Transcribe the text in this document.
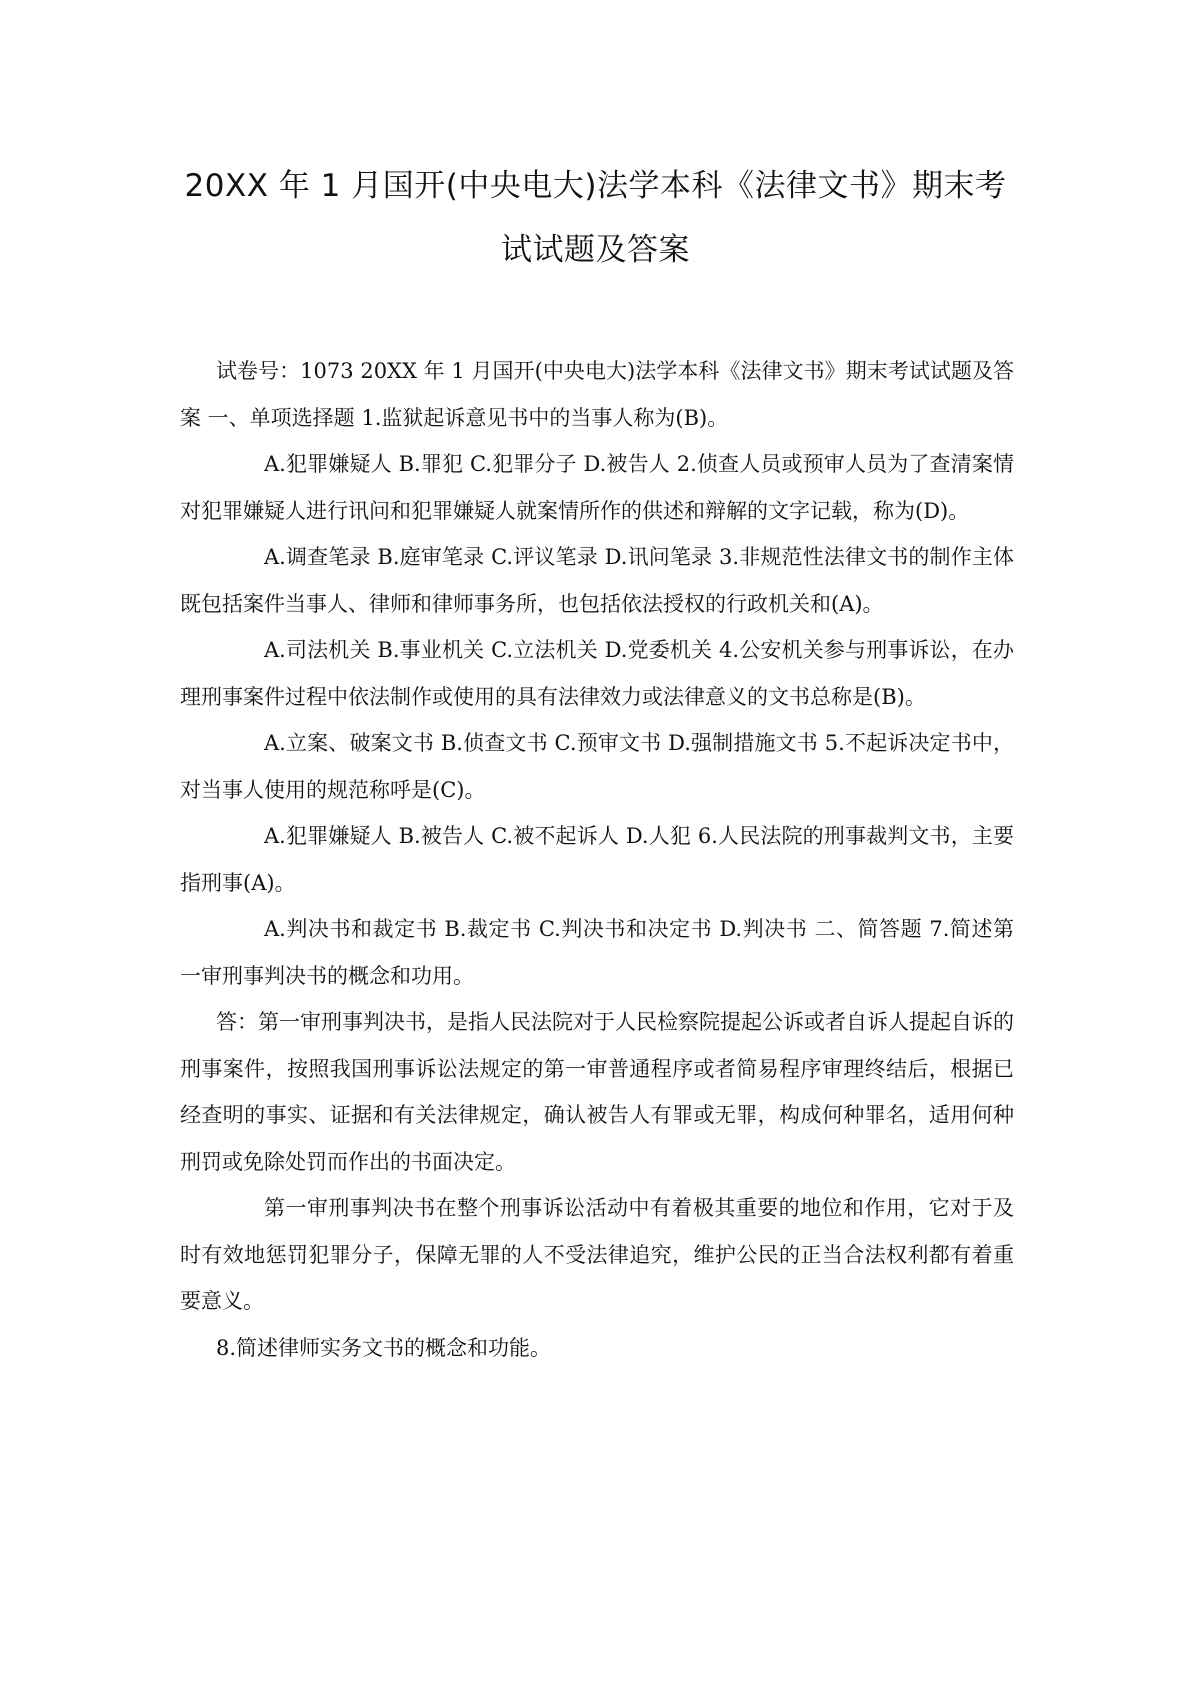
20XX 年 1 月国开(中央电大)法学本科《法律文书》期末考
试试题及答案

试卷号：1073 20XX 年 1 月国开(中央电大)法学本科《法律文书》期末考试试题及答案 一、单项选择题 1.监狱起诉意见书中的当事人称为(B)。

A.犯罪嫌疑人 B.罪犯 C.犯罪分子 D.被告人 2.侦查人员或预审人员为了查清案情对犯罪嫌疑人进行讯问和犯罪嫌疑人就案情所作的供述和辩解的文字记载，称为(D)。

A.调查笔录 B.庭审笔录 C.评议笔录 D.讯问笔录 3.非规范性法律文书的制作主体既包括案件当事人、律师和律师事务所，也包括依法授权的行政机关和(A)。

A.司法机关 B.事业机关 C.立法机关 D.党委机关 4.公安机关参与刑事诉讼，在办理刑事案件过程中依法制作或使用的具有法律效力或法律意义的文书总称是(B)。

A.立案、破案文书 B.侦查文书 C.预审文书 D.强制措施文书 5.不起诉决定书中，对当事人使用的规范称呼是(C)。

A.犯罪嫌疑人 B.被告人 C.被不起诉人 D.人犯 6.人民法院的刑事裁判文书，主要指刑事(A)。

A.判决书和裁定书 B.裁定书 C.判决书和决定书 D.判决书 二、简答题 7.简述第一审刑事判决书的概念和功用。

答：第一审刑事判决书，是指人民法院对于人民检察院提起公诉或者自诉人提起自诉的刑事案件，按照我国刑事诉讼法规定的第一审普通程序或者简易程序审理终结后，根据已经查明的事实、证据和有关法律规定，确认被告人有罪或无罪，构成何种罪名，适用何种刑罚或免除处罚而作出的书面决定。

第一审刑事判决书在整个刑事诉讼活动中有着极其重要的地位和作用，它对于及时有效地惩罚犯罪分子，保障无罪的人不受法律追究，维护公民的正当合法权利都有着重要意义。

8.简述律师实务文书的概念和功能。
